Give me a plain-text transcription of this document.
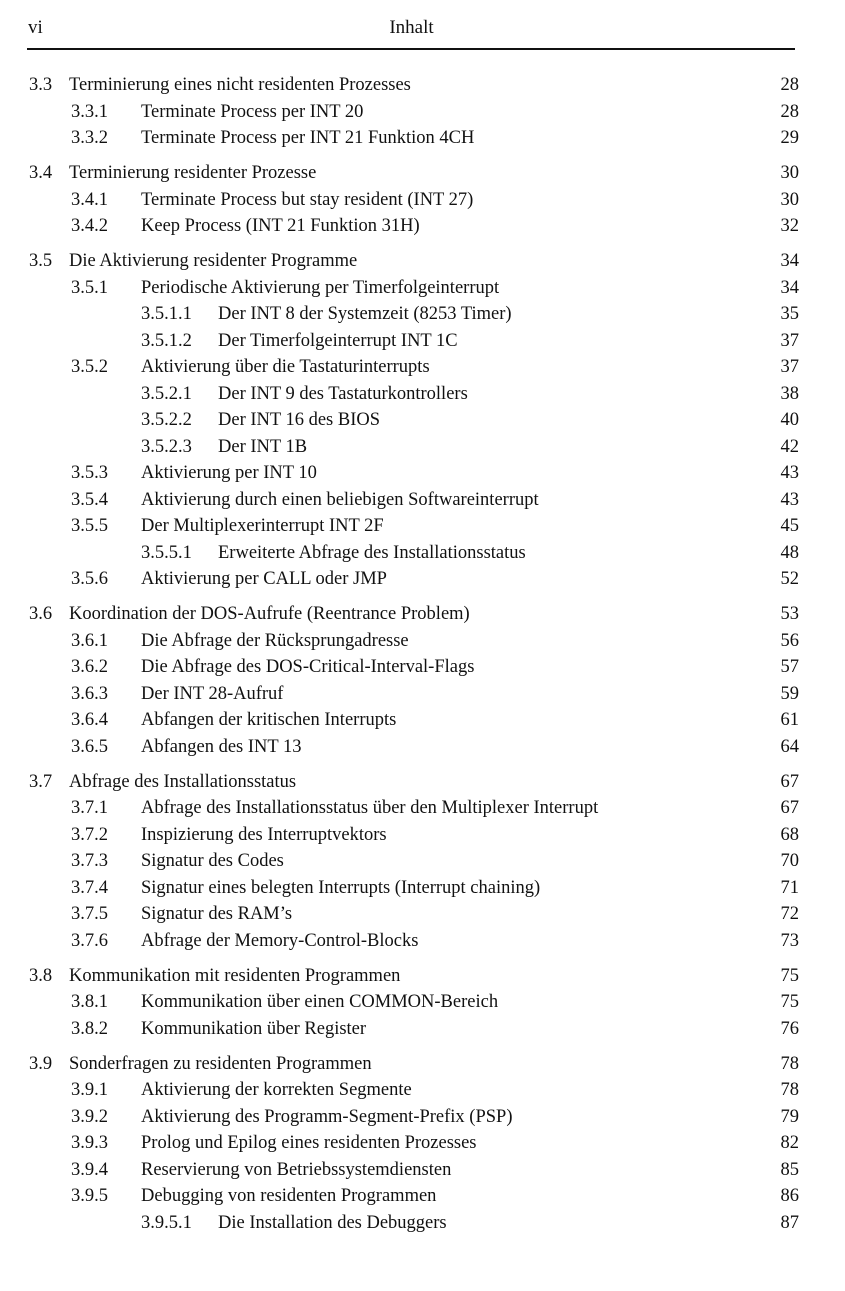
vi	Inhalt
3.3 Terminierung eines nicht residenten Prozesses	28
3.3.1 Terminate Process per INT 20	28
3.3.2 Terminate Process per INT 21 Funktion 4CH	29
3.4 Terminierung residenter Prozesse	30
3.4.1 Terminate Process but stay resident (INT 27)	30
3.4.2 Keep Process (INT 21 Funktion 31H)	32
3.5 Die Aktivierung residenter Programme	34
3.5.1 Periodische Aktivierung per Timerfolgeinterrupt	34
3.5.1.1 Der INT 8 der Systemzeit (8253 Timer)	35
3.5.1.2 Der Timerfolgeinterrupt INT 1C	37
3.5.2 Aktivierung über die Tastaturinterrupts	37
3.5.2.1 Der INT 9 des Tastaturkontrollers	38
3.5.2.2 Der INT 16 des BIOS	40
3.5.2.3 Der INT 1B	42
3.5.3 Aktivierung per INT 10	43
3.5.4 Aktivierung durch einen beliebigen Softwareinterrupt	43
3.5.5 Der Multiplexerinterrupt INT 2F	45
3.5.5.1 Erweiterte Abfrage des Installationsstatus	48
3.5.6 Aktivierung per CALL oder JMP	52
3.6 Koordination der DOS-Aufrufe (Reentrance Problem)	53
3.6.1 Die Abfrage der Rücksprungadresse	56
3.6.2 Die Abfrage des DOS-Critical-Interval-Flags	57
3.6.3 Der INT 28-Aufruf	59
3.6.4 Abfangen der kritischen Interrupts	61
3.6.5 Abfangen des INT 13	64
3.7 Abfrage des Installationsstatus	67
3.7.1 Abfrage des Installationsstatus über den Multiplexer Interrupt	67
3.7.2 Inspizierung des Interruptvektors	68
3.7.3 Signatur des Codes	70
3.7.4 Signatur eines belegten Interrupts (Interrupt chaining)	71
3.7.5 Signatur des RAM’s	72
3.7.6 Abfrage der Memory-Control-Blocks	73
3.8 Kommunikation mit residenten Programmen	75
3.8.1 Kommunikation über einen COMMON-Bereich	75
3.8.2 Kommunikation über Register	76
3.9 Sonderfragen zu residenten Programmen	78
3.9.1 Aktivierung der korrekten Segmente	78
3.9.2 Aktivierung des Programm-Segment-Prefix (PSP)	79
3.9.3 Prolog und Epilog eines residenten Prozesses	82
3.9.4 Reservierung von Betriebssystemdiensten	85
3.9.5 Debugging von residenten Programmen	86
3.9.5.1 Die Installation des Debuggers	87
